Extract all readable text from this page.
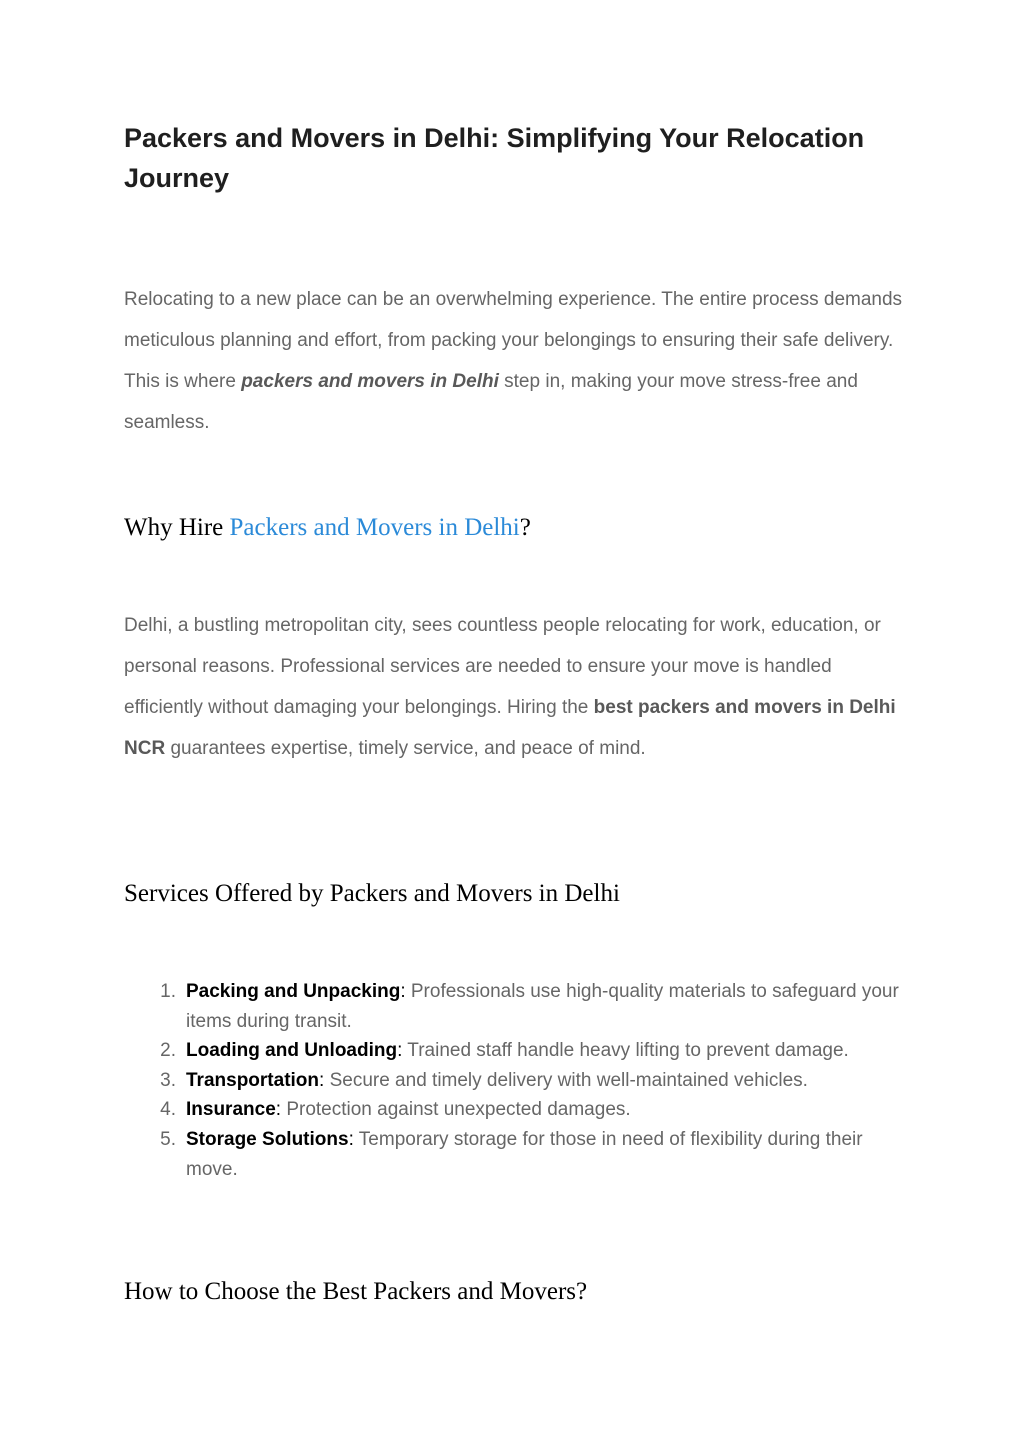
Packers and Movers in Delhi: Simplifying Your Relocation Journey

Relocating to a new place can be an overwhelming experience. The entire process demands meticulous planning and effort, from packing your belongings to ensuring their safe delivery. This is where packers and movers in Delhi step in, making your move stress-free and seamless.

Why Hire Packers and Movers in Delhi?

Delhi, a bustling metropolitan city, sees countless people relocating for work, education, or personal reasons. Professional services are needed to ensure your move is handled efficiently without damaging your belongings. Hiring the best packers and movers in Delhi NCR guarantees expertise, timely service, and peace of mind.

Services Offered by Packers and Movers in Delhi
1. Packing and Unpacking: Professionals use high-quality materials to safeguard your items during transit.
2. Loading and Unloading: Trained staff handle heavy lifting to prevent damage.
3. Transportation: Secure and timely delivery with well-maintained vehicles.
4. Insurance: Protection against unexpected damages.
5. Storage Solutions: Temporary storage for those in need of flexibility during their move.
How to Choose the Best Packers and Movers?
